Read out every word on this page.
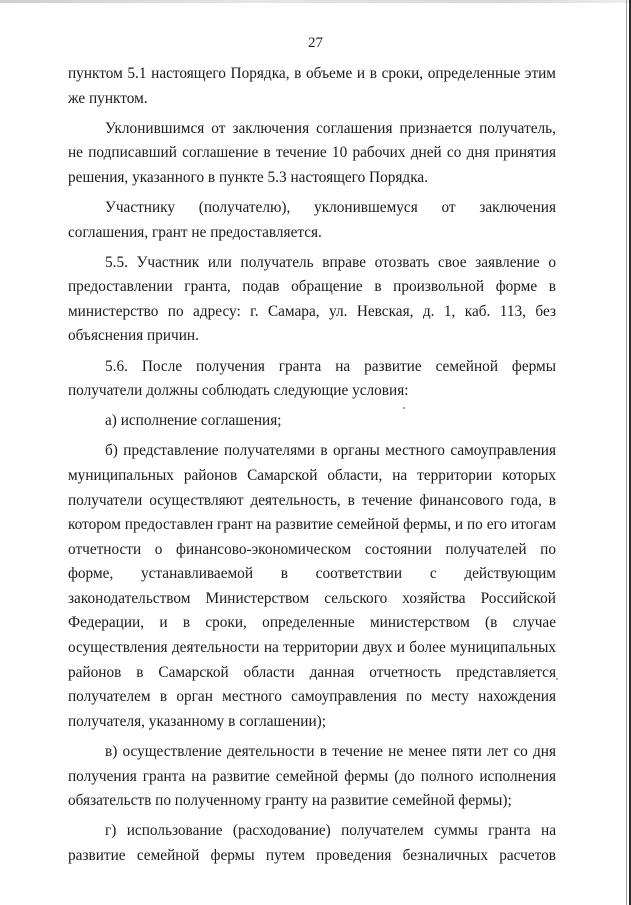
27

пунктом 5.1 настоящего Порядка, в объеме и в сроки, определенные этим же пунктом.

Уклонившимся от заключения соглашения признается получатель, не подписавший соглашение в течение 10 рабочих дней со дня принятия решения, указанного в пункте 5.3 настоящего Порядка.

Участнику (получателю), уклонившемуся от заключения соглашения, грант не предоставляется.

5.5. Участник или получатель вправе отозвать свое заявление о предоставлении гранта, подав обращение в произвольной форме в министерство по адресу: г. Самара, ул. Невская, д. 1, каб. 113, без объяснения причин.

5.6. После получения гранта на развитие семейной фермы получатели должны соблюдать следующие условия:

а) исполнение соглашения;

б) представление получателями в органы местного самоуправления муниципальных районов Самарской области, на территории которых получатели осуществляют деятельность, в течение финансового года, в котором предоставлен грант на развитие семейной фермы, и по его итогам отчетности о финансово-экономическом состоянии получателей по форме, устанавливаемой в соответствии с действующим законодательством Министерством сельского хозяйства Российской Федерации, и в сроки, определенные министерством (в случае осуществления деятельности на территории двух и более муниципальных районов в Самарской области данная отчетность представляется получателем в орган местного самоуправления по месту нахождения получателя, указанному в соглашении);

в) осуществление деятельности в течение не менее пяти лет со дня получения гранта на развитие семейной фермы (до полного исполнения обязательств по полученному гранту на развитие семейной фермы);

г) использование (расходование) получателем суммы гранта на развитие семейной фермы путем проведения безналичных расчетов
